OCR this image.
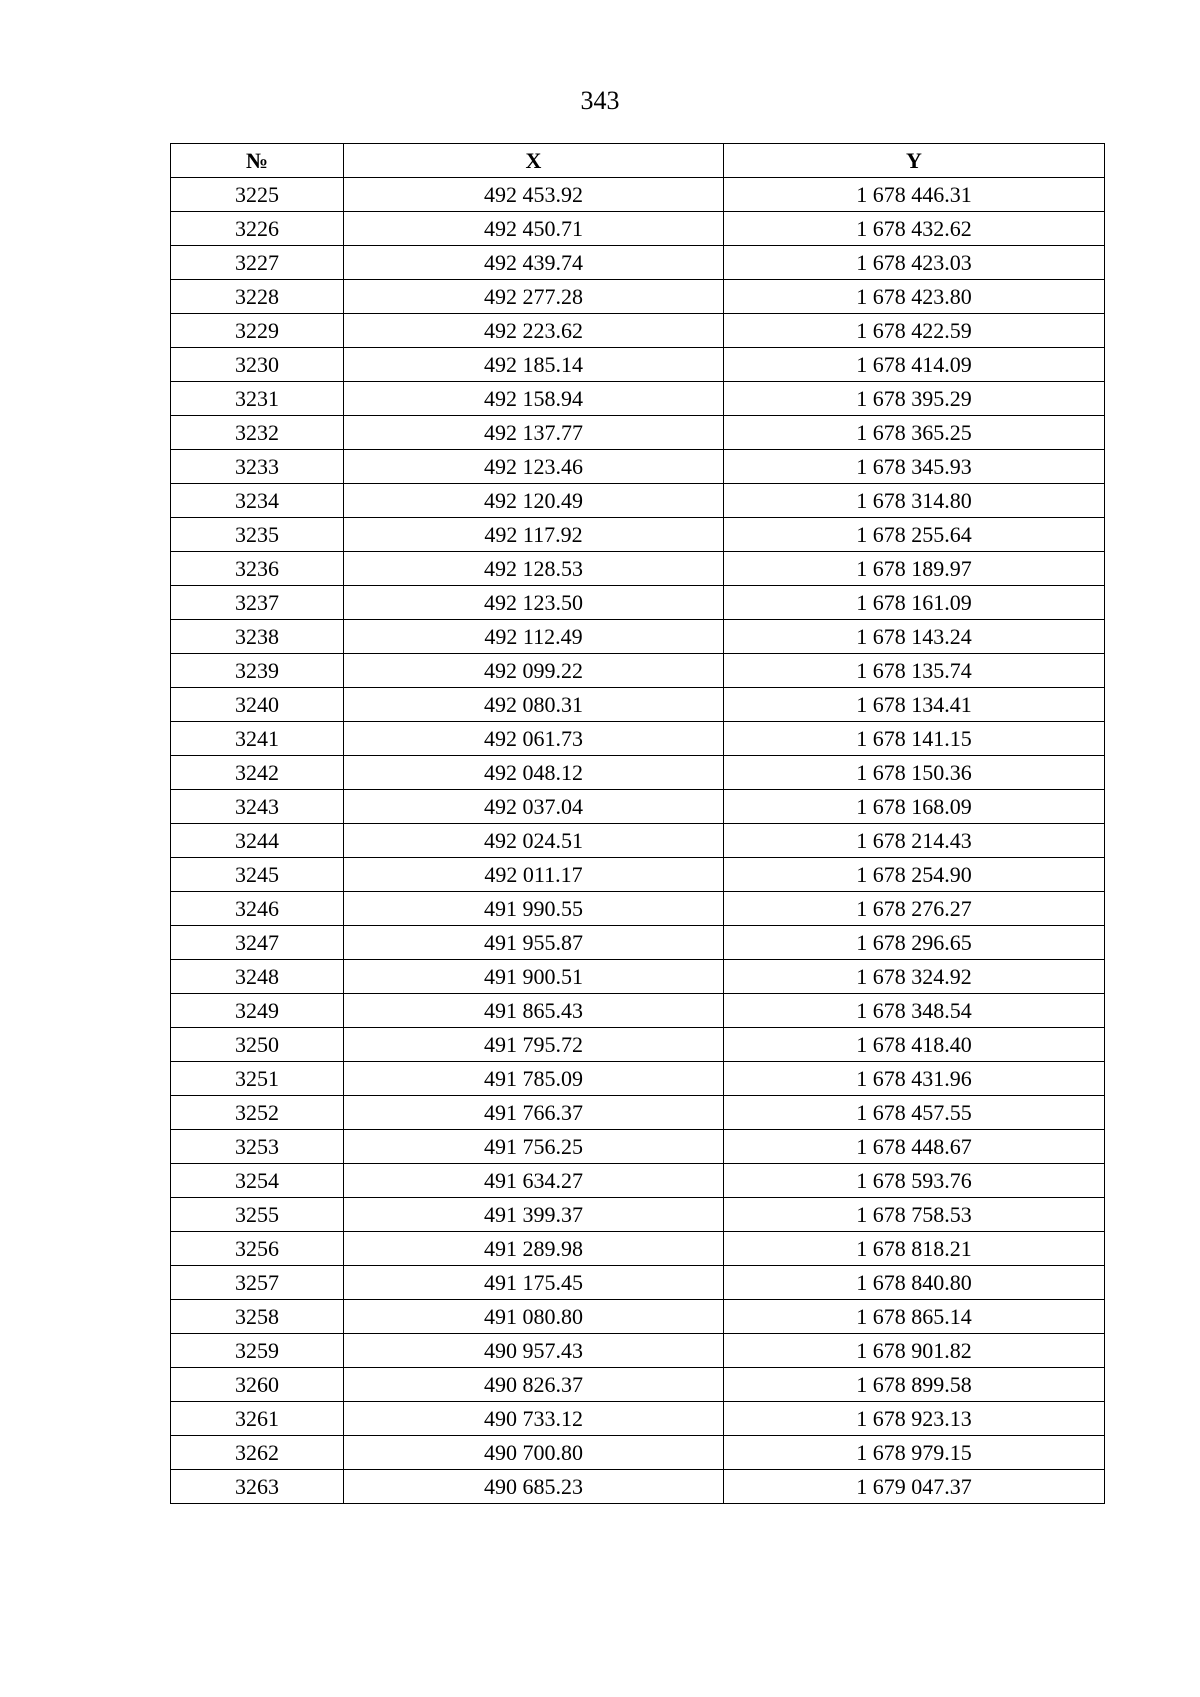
343
№	X	Y
3225	492 453.92	1 678 446.31
3226	492 450.71	1 678 432.62
3227	492 439.74	1 678 423.03
3228	492 277.28	1 678 423.80
3229	492 223.62	1 678 422.59
3230	492 185.14	1 678 414.09
3231	492 158.94	1 678 395.29
3232	492 137.77	1 678 365.25
3233	492 123.46	1 678 345.93
3234	492 120.49	1 678 314.80
3235	492 117.92	1 678 255.64
3236	492 128.53	1 678 189.97
3237	492 123.50	1 678 161.09
3238	492 112.49	1 678 143.24
3239	492 099.22	1 678 135.74
3240	492 080.31	1 678 134.41
3241	492 061.73	1 678 141.15
3242	492 048.12	1 678 150.36
3243	492 037.04	1 678 168.09
3244	492 024.51	1 678 214.43
3245	492 011.17	1 678 254.90
3246	491 990.55	1 678 276.27
3247	491 955.87	1 678 296.65
3248	491 900.51	1 678 324.92
3249	491 865.43	1 678 348.54
3250	491 795.72	1 678 418.40
3251	491 785.09	1 678 431.96
3252	491 766.37	1 678 457.55
3253	491 756.25	1 678 448.67
3254	491 634.27	1 678 593.76
3255	491 399.37	1 678 758.53
3256	491 289.98	1 678 818.21
3257	491 175.45	1 678 840.80
3258	491 080.80	1 678 865.14
3259	490 957.43	1 678 901.82
3260	490 826.37	1 678 899.58
3261	490 733.12	1 678 923.13
3262	490 700.80	1 678 979.15
3263	490 685.23	1 679 047.37
